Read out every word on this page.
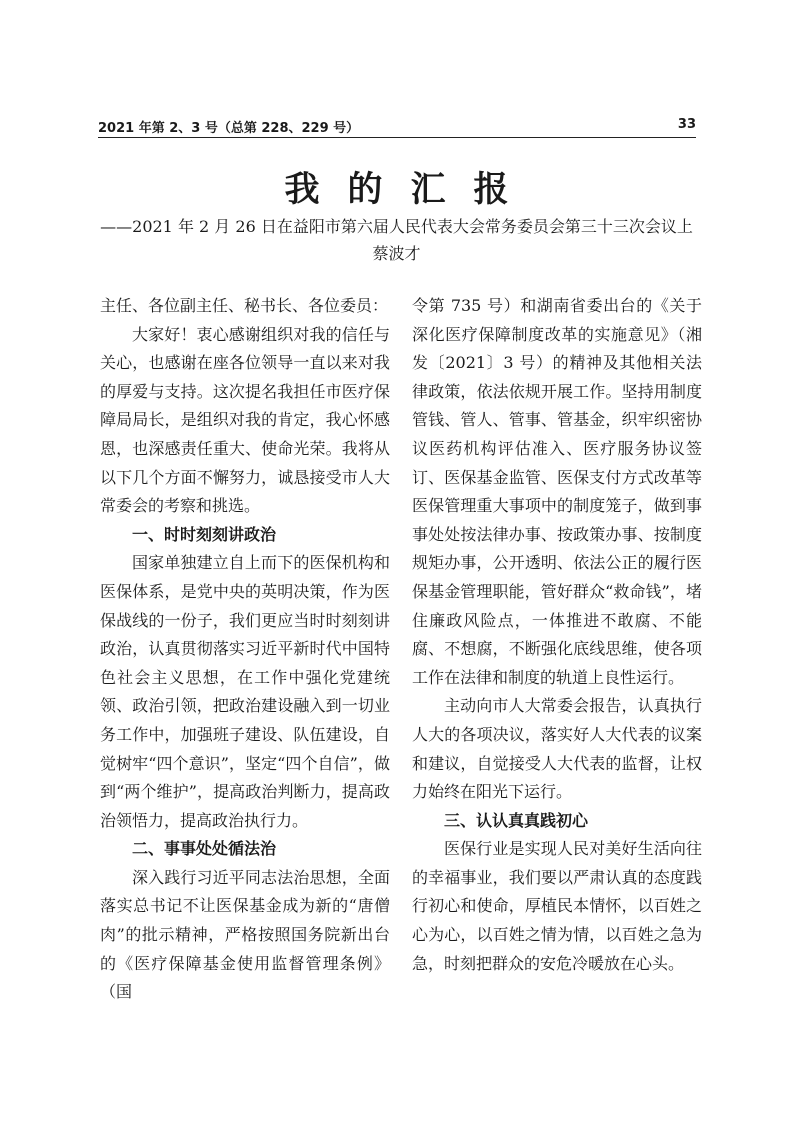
2021 年第 2、3 号（总第 228、229 号）	33
我的汇报
——2021 年 2 月 26 日在益阳市第六届人民代表大会常务委员会第三十三次会议上
蔡波才

主任、各位副主任、秘书长、各位委员：

大家好！衷心感谢组织对我的信任与关心，也感谢在座各位领导一直以来对我的厚爱与支持。这次提名我担任市医疗保障局局长，是组织对我的肯定，我心怀感恩，也深感责任重大、使命光荣。我将从以下几个方面不懈努力，诚恳接受市人大常委会的考察和挑选。

一、时时刻刻讲政治

国家单独建立自上而下的医保机构和医保体系，是党中央的英明决策，作为医保战线的一份子，我们更应当时时刻刻讲政治，认真贯彻落实习近平新时代中国特色社会主义思想，在工作中强化党建统领、政治引领，把政治建设融入到一切业务工作中，加强班子建设、队伍建设，自觉树牢“四个意识”，坚定“四个自信”，做到“两个维护”，提高政治判断力，提高政治领悟力，提高政治执行力。

二、事事处处循法治

深入践行习近平同志法治思想，全面落实总书记不让医保基金成为新的“唐僧肉”的批示精神，严格按照国务院新出台的《医疗保障基金使用监督管理条例》（国

令第 735 号）和湖南省委出台的《关于深化医疗保障制度改革的实施意见》（湘发〔2021〕3 号）的精神及其他相关法律政策，依法依规开展工作。坚持用制度管钱、管人、管事、管基金，织牢织密协议医药机构评估准入、医疗服务协议签订、医保基金监管、医保支付方式改革等医保管理重大事项中的制度笼子，做到事事处处按法律办事、按政策办事、按制度规矩办事，公开透明、依法公正的履行医保基金管理职能，管好群众“救命钱”，堵住廉政风险点，一体推进不敢腐、不能腐、不想腐，不断强化底线思维，使各项工作在法律和制度的轨道上良性运行。

主动向市人大常委会报告，认真执行人大的各项决议，落实好人大代表的议案和建议，自觉接受人大代表的监督，让权力始终在阳光下运行。

三、认认真真践初心

医保行业是实现人民对美好生活向往的幸福事业，我们要以严肃认真的态度践行初心和使命，厚植民本情怀，以百姓之心为心，以百姓之情为情，以百姓之急为急，时刻把群众的安危冷暖放在心头。
